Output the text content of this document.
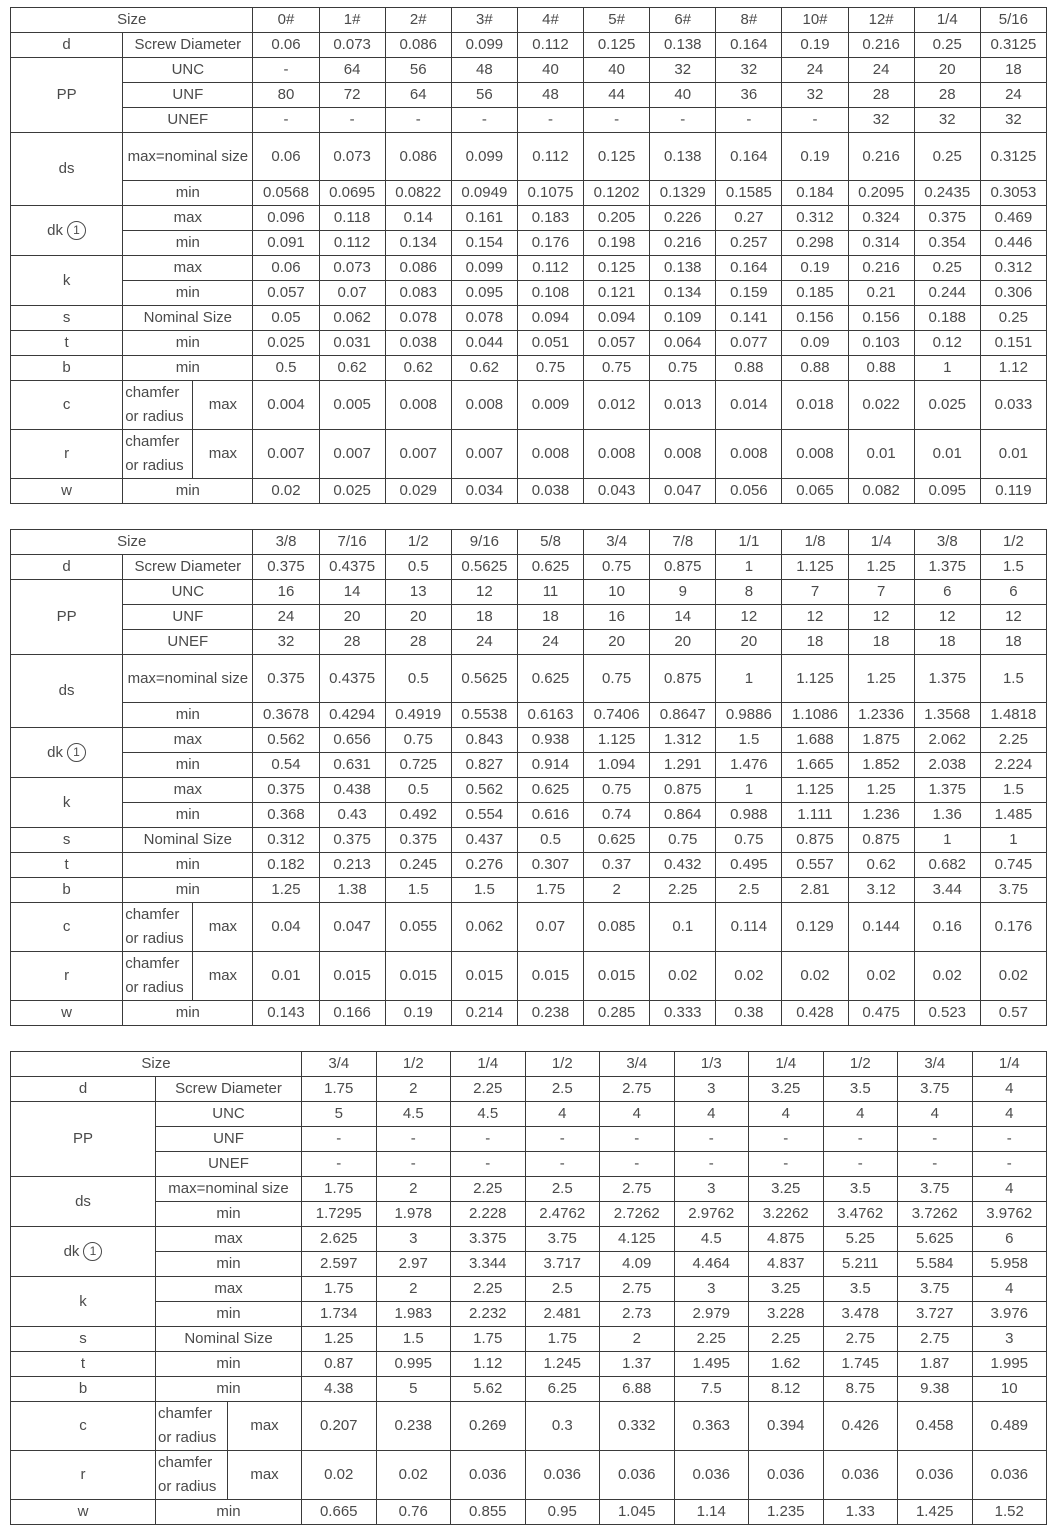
Size			0#	1#	2#	3#	4#	5#	6#	8#	10#	12#	1/4	5/16
d	Screw Diameter		0.06	0.073	0.086	0.099	0.112	0.125	0.138	0.164	0.19	0.216	0.25	0.3125
PP	UNC		-	64	56	48	40	40	32	32	24	24	20	18
	UNF		80	72	64	56	48	44	40	36	32	28	28	24
	UNEF		-	-	-	-	-	-	-	-	-	32	32	32
ds	max=nominal size		0.06	0.073	0.086	0.099	0.112	0.125	0.138	0.164	0.19	0.216	0.25	0.3125
	min		0.0568	0.0695	0.0822	0.0949	0.1075	0.1202	0.1329	0.1585	0.184	0.2095	0.2435	0.3053
dk 1	max		0.096	0.118	0.14	0.161	0.183	0.205	0.226	0.27	0.312	0.324	0.375	0.469
	min		0.091	0.112	0.134	0.154	0.176	0.198	0.216	0.257	0.298	0.314	0.354	0.446
k	max		0.06	0.073	0.086	0.099	0.112	0.125	0.138	0.164	0.19	0.216	0.25	0.312
	min		0.057	0.07	0.083	0.095	0.108	0.121	0.134	0.159	0.185	0.21	0.244	0.306
s	Nominal Size		0.05	0.062	0.078	0.078	0.094	0.094	0.109	0.141	0.156	0.156	0.188	0.25
t	min		0.025	0.031	0.038	0.044	0.051	0.057	0.064	0.077	0.09	0.103	0.12	0.151
b	min		0.5	0.62	0.62	0.62	0.75	0.75	0.75	0.88	0.88	0.88	1	1.12
c	chamfer or radius	max	0.004	0.005	0.008	0.008	0.009	0.012	0.013	0.014	0.018	0.022	0.025	0.033
r	chamfer or radius	max	0.007	0.007	0.007	0.007	0.008	0.008	0.008	0.008	0.008	0.01	0.01	0.01
w	min		0.02	0.025	0.029	0.034	0.038	0.043	0.047	0.056	0.065	0.082	0.095	0.119
Size			3/8	7/16	1/2	9/16	5/8	3/4	7/8	1/1	1/8	1/4	3/8	1/2
d	Screw Diameter		0.375	0.4375	0.5	0.5625	0.625	0.75	0.875	1	1.125	1.25	1.375	1.5
PP	UNC		16	14	13	12	11	10	9	8	7	7	6	6
	UNF		24	20	20	18	18	16	14	12	12	12	12	12
	UNEF		32	28	28	24	24	20	20	20	18	18	18	18
ds	max=nominal size		0.375	0.4375	0.5	0.5625	0.625	0.75	0.875	1	1.125	1.25	1.375	1.5
	min		0.3678	0.4294	0.4919	0.5538	0.6163	0.7406	0.8647	0.9886	1.1086	1.2336	1.3568	1.4818
dk 1	max		0.562	0.656	0.75	0.843	0.938	1.125	1.312	1.5	1.688	1.875	2.062	2.25
	min		0.54	0.631	0.725	0.827	0.914	1.094	1.291	1.476	1.665	1.852	2.038	2.224
k	max		0.375	0.438	0.5	0.562	0.625	0.75	0.875	1	1.125	1.25	1.375	1.5
	min		0.368	0.43	0.492	0.554	0.616	0.74	0.864	0.988	1.111	1.236	1.36	1.485
s	Nominal Size		0.312	0.375	0.375	0.437	0.5	0.625	0.75	0.75	0.875	0.875	1	1
t	min		0.182	0.213	0.245	0.276	0.307	0.37	0.432	0.495	0.557	0.62	0.682	0.745
b	min		1.25	1.38	1.5	1.5	1.75	2	2.25	2.5	2.81	3.12	3.44	3.75
c	chamfer or radius	max	0.04	0.047	0.055	0.062	0.07	0.085	0.1	0.114	0.129	0.144	0.16	0.176
r	chamfer or radius	max	0.01	0.015	0.015	0.015	0.015	0.015	0.02	0.02	0.02	0.02	0.02	0.02
w	min		0.143	0.166	0.19	0.214	0.238	0.285	0.333	0.38	0.428	0.475	0.523	0.57
Size			3/4	1/2	1/4	1/2	3/4	1/3	1/4	1/2	3/4	1/4
d	Screw Diameter		1.75	2	2.25	2.5	2.75	3	3.25	3.5	3.75	4
PP	UNC		5	4.5	4.5	4	4	4	4	4	4	4
	UNF		-	-	-	-	-	-	-	-	-	-
	UNEF		-	-	-	-	-	-	-	-	-	-
ds	max=nominal size		1.75	2	2.25	2.5	2.75	3	3.25	3.5	3.75	4
	min		1.7295	1.978	2.228	2.4762	2.7262	2.9762	3.2262	3.4762	3.7262	3.9762
dk 1	max		2.625	3	3.375	3.75	4.125	4.5	4.875	5.25	5.625	6
	min		2.597	2.97	3.344	3.717	4.09	4.464	4.837	5.211	5.584	5.958
k	max		1.75	2	2.25	2.5	2.75	3	3.25	3.5	3.75	4
	min		1.734	1.983	2.232	2.481	2.73	2.979	3.228	3.478	3.727	3.976
s	Nominal Size		1.25	1.5	1.75	1.75	2	2.25	2.25	2.75	2.75	3
t	min		0.87	0.995	1.12	1.245	1.37	1.495	1.62	1.745	1.87	1.995
b	min		4.38	5	5.62	6.25	6.88	7.5	8.12	8.75	9.38	10
c	chamfer or radius	max	0.207	0.238	0.269	0.3	0.332	0.363	0.394	0.426	0.458	0.489
r	chamfer or radius	max	0.02	0.02	0.036	0.036	0.036	0.036	0.036	0.036	0.036	0.036
w	min		0.665	0.76	0.855	0.95	1.045	1.14	1.235	1.33	1.425	1.52
